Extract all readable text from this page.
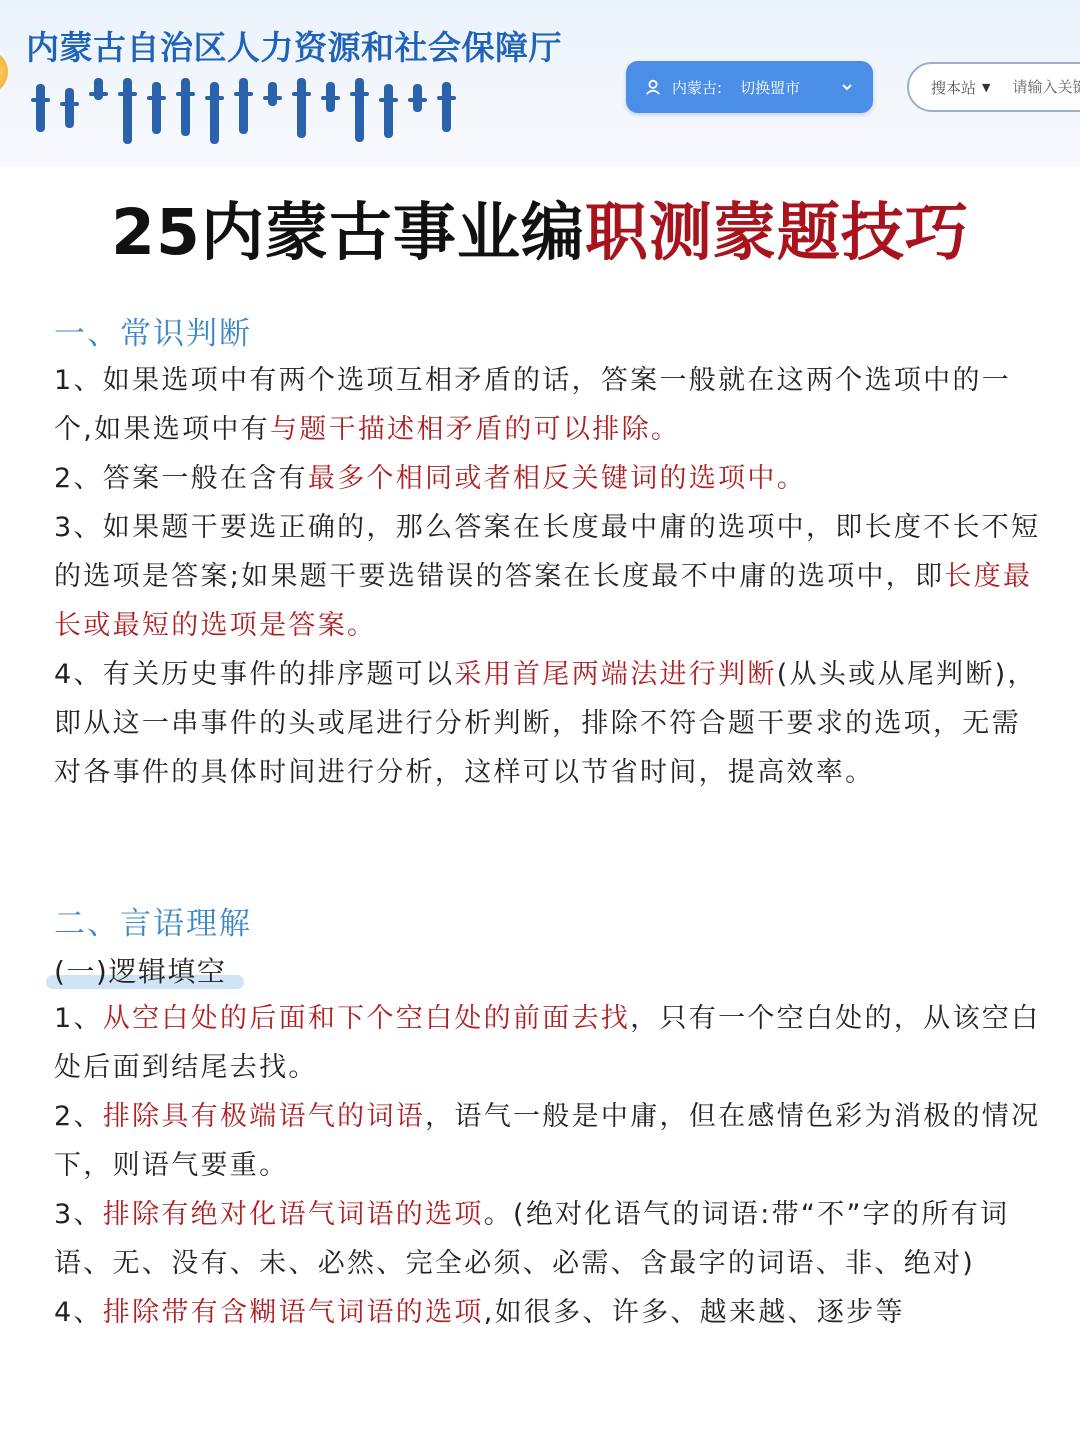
内蒙古自治区人力资源和社会保障厅
内蒙古: 切换盟市	搜本站 ▼
请输入关键词
25内蒙古事业编职测蒙题技巧
一、常识判断

1、如果选项中有两个选项互相矛盾的话，答案一般就在这两个选项中的一个,如果选项中有与题干描述相矛盾的可以排除。

2、答案一般在含有最多个相同或者相反关键词的选项中。

3、如果题干要选正确的，那么答案在长度最中庸的选项中，即长度不长不短的选项是答案;如果题干要选错误的答案在长度最不中庸的选项中，即长度最长或最短的选项是答案。

4、有关历史事件的排序题可以采用首尾两端法进行判断(从头或从尾判断)，即从这一串事件的头或尾进行分析判断，排除不符合题干要求的选项，无需对各事件的具体时间进行分析，这样可以节省时间，提高效率。

二、言语理解
(一)逻辑填空

1、从空白处的后面和下个空白处的前面去找，只有一个空白处的，从该空白处后面到结尾去找。

2、排除具有极端语气的词语，语气一般是中庸，但在感情色彩为消极的情况下，则语气要重。

3、排除有绝对化语气词语的选项。(绝对化语气的词语:带“不”字的所有词语、无、没有、未、必然、完全必须、必需、含最字的词语、非、绝对)

4、排除带有含糊语气词语的选项,如很多、许多、越来越、逐步等
